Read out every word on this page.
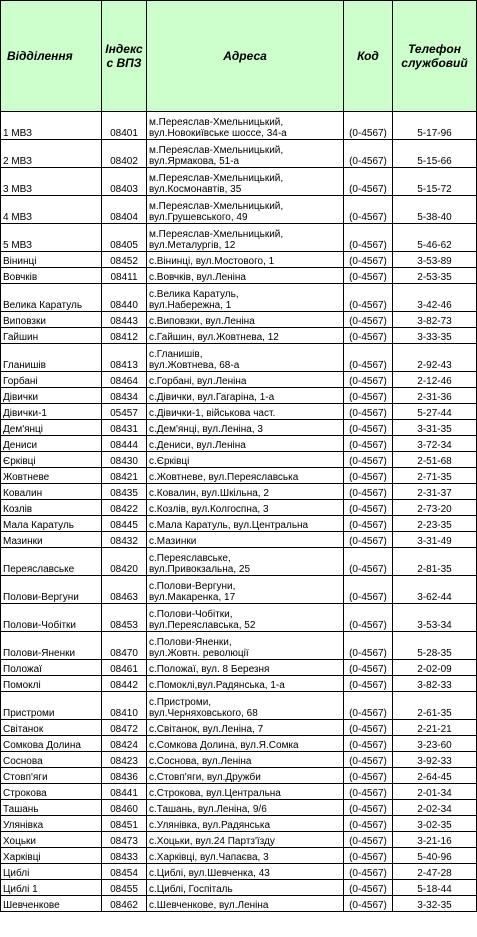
Відділення	Індекс с ВПЗ	Адреса	Код	Телефон службовий
1 МВЗ	08401	м.Переяслав-Хмельницький,
вул.Новокиївське шоссе, 34-а	(0-4567)	5-17-96
2 МВЗ	08402	м.Переяслав-Хмельницький,
вул.Ярмакова, 51-а	(0-4567)	5-15-66
3 МВЗ	08403	м.Переяслав-Хмельницький,
вул.Космонавтів, 35	(0-4567)	5-15-72
4 МВЗ	08404	м.Переяслав-Хмельницький,
вул.Грушевського, 49	(0-4567)	5-38-40
5 МВЗ	08405	м.Переяслав-Хмельницький,
вул.Металургів, 12	(0-4567)	5-46-62
Вінинці	08452	с.Вінинці, вул.Мостового, 1	(0-4567)	3-53-89
Вовчків	08411	с.Вовчків, вул.Леніна	(0-4567)	2-53-35
Велика Каратуль	08440	с.Велика Каратуль,
вул.Набережна, 1	(0-4567)	3-42-46
Виповзки	08443	с.Виповзки, вул.Леніна	(0-4567)	3-82-73
Гайшин	08412	с.Гайшин, вул.Жовтнева, 12	(0-4567)	3-33-35
Гланишів	08413	с.Гланишів,
вул.Жовтнева, 68-а	(0-4567)	2-92-43
Горбані	08464	с.Горбані, вул.Леніна	(0-4567)	2-12-46
Дівички	08434	с.Дівички, вул.Гагаріна, 1-а	(0-4567)	2-31-36
Дівички-1	05457	с.Дівички-1, військова част.	(0-4567)	5-27-44
Дем'янці	08431	с.Дем'янці, вул.Леніна, 3	(0-4567)	3-31-35
Дениси	08444	с.Дениси, вул.Леніна	(0-4567)	3-72-34
Єрківці	08430	с.Єрківці	(0-4567)	2-51-68
Жовтневе	08421	с.Жовтневе, вул.Переяславська	(0-4567)	2-71-35
Ковалин	08435	с.Ковалин, вул.Шкільна, 2	(0-4567)	2-31-37
Козлів	08422	с.Козлів, вул.Колгоспна, 3	(0-4567)	2-73-20
Мала Каратуль	08445	с.Мала Каратуль, вул.Центральна	(0-4567)	2-23-35
Мазинки	08432	с.Мазинки	(0-4567)	3-31-49
Переяславське	08420	с.Переяславське,
вул.Привокзальна, 25	(0-4567)	2-81-35
Полови-Вергуни	08463	с.Полови-Вергуни,
вул.Макаренка, 17	(0-4567)	3-62-44
Полови-Чобітки	08453	с.Полови-Чобітки,
вул.Переяславська, 52	(0-4567)	3-53-34
Полови-Яненки	08470	с.Полови-Яненки,
вул.Жовтн. революції	(0-4567)	5-28-35
Положаї	08461	с.Положаї, вул. 8 Березня	(0-4567)	2-02-09
Помоклі	08442	с.Помоклі,вул.Радянська, 1-а	(0-4567)	3-82-33
Пристроми	08410	с.Пристроми,
вул.Черняховського, 68	(0-4567)	2-61-35
Світанок	08472	с.Світанок, вул.Леніна, 7	(0-4567)	2-21-21
Сомкова Долина	08424	с.Сомкова Долина, вул.Я.Сомка	(0-4567)	3-23-60
Соснова	08423	с.Соснова, вул.Леніна	(0-4567)	3-92-33
Стовп'яги	08436	с.Стовп'яги, вул.Дружби	(0-4567)	2-64-45
Строкова	08441	с.Строкова, вул.Центральна	(0-4567)	2-01-34
Ташань	08460	с.Ташань, вул.Леніна, 9/6	(0-4567)	2-02-34
Улянівка	08451	с.Улянівка, вул.Радянська	(0-4567)	3-02-35
Хоцьки	08473	с.Хоцьки, вул.24 Партз'їзду	(0-4567)	3-21-16
Харківці	08433	с.Харківці, вул.Чапаєва, 3	(0-4567)	5-40-96
Циблі	08454	с.Циблі, вул.Шевченка, 43	(0-4567)	2-47-28
Циблі 1	08455	с.Циблі, Госпіталь	(0-4567)	5-18-44
Шевченкове	08462	с.Шевченкове, вул.Леніна	(0-4567)	3-32-35
